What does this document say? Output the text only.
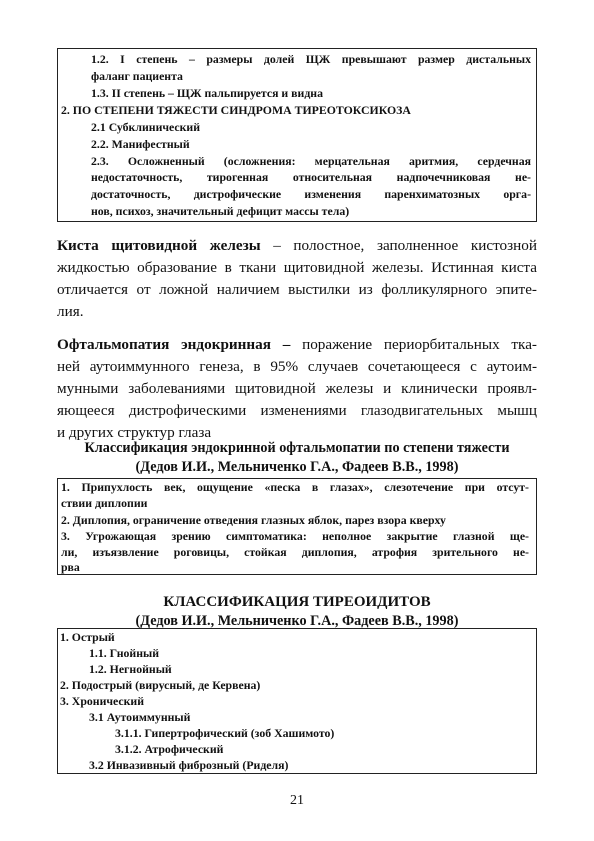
1.2. I степень – размеры долей ЩЖ превышают размер дистальных
фаланг пациента
1.3. II степень – ЩЖ пальпируется и видна
2. ПО СТЕПЕНИ ТЯЖЕСТИ СИНДРОМА ТИРЕОТОКСИКОЗА
2.1 Субклинический
2.2. Манифестный
2.3. Осложненный (осложнения: мерцательная аритмия, сердечная
недостаточность, тирогенная относительная надпочечниковая не-
достаточность, дистрофические изменения паренхиматозных орга-
нов, психоз, значительный дефицит массы тела)
Киста щитовидной железы – полостное, заполненное кистозной
жидкостью образование в ткани щитовидной железы. Истинная киста
отличается от ложной наличием выстилки из фолликулярного эпите-
лия.
Офтальмопатия эндокринная – поражение периорбитальных тка-
ней аутоиммунного генеза, в 95% случаев сочетающееся с аутоим-
мунными заболеваниями щитовидной железы и клинически проявл-
яющееся дистрофическими изменениями глазодвигательных мышц
и других структур глаза
Классификация эндокринной офтальмопатии по степени тяжести
(Дедов И.И., Мельниченко Г.А., Фадеев В.В., 1998)
1. Припухлость век, ощущение «песка в глазах», слезотечение при отсут-
ствии диплопии
2. Диплопия, ограничение отведения глазных яблок, парез взора кверху
3. Угрожающая зрению симптоматика: неполное закрытие глазной ще-
ли, изъязвление роговицы, стойкая диплопия, атрофия зрительного не-
рва
КЛАССИФИКАЦИЯ ТИРЕОИДИТОВ
(Дедов И.И., Мельниченко Г.А., Фадеев В.В., 1998)
1. Острый
1.1. Гнойный
1.2. Негнойный
2. Подострый (вирусный, де Кервена)
3. Хронический
3.1 Аутоиммунный
3.1.1. Гипертрофический (зоб Хашимото)
3.1.2. Атрофический
3.2 Инвазивный фиброзный (Риделя)
21
